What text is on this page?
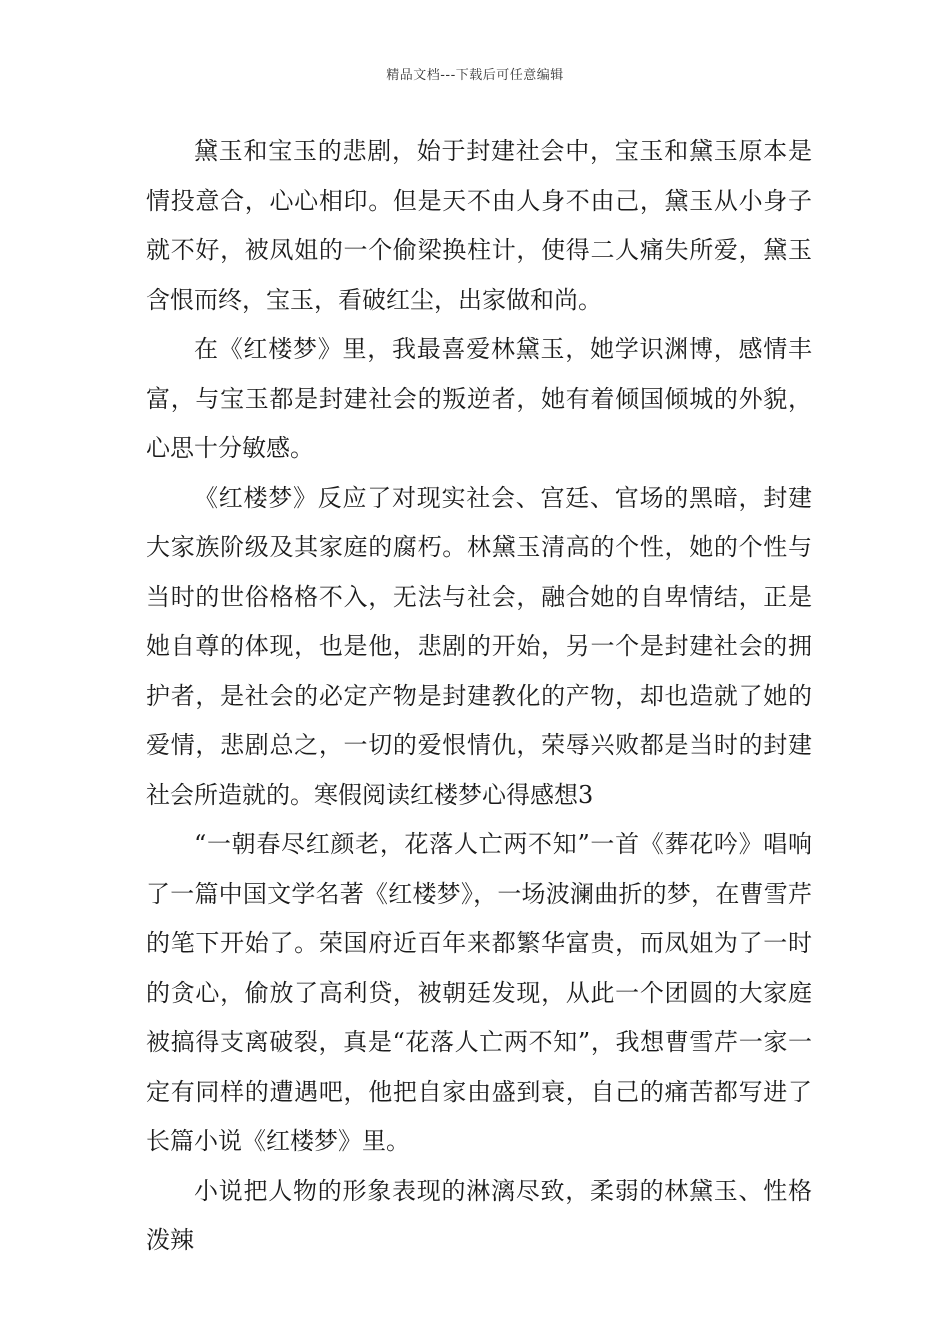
精品文档---下载后可任意编辑

黛玉和宝玉的悲剧，始于封建社会中，宝玉和黛玉原本是情投意合，心心相印。但是天不由人身不由己，黛玉从小身子就不好，被凤姐的一个偷梁换柱计，使得二人痛失所爱，黛玉含恨而终，宝玉，看破红尘，出家做和尚。

在《红楼梦》里，我最喜爱林黛玉，她学识渊博，感情丰富，与宝玉都是封建社会的叛逆者，她有着倾国倾城的外貌，心思十分敏感。

《红楼梦》反应了对现实社会、宫廷、官场的黑暗，封建大家族阶级及其家庭的腐朽。林黛玉清高的个性，她的个性与当时的世俗格格不入，无法与社会，融合她的自卑情结，正是她自尊的体现，也是他，悲剧的开始，另一个是封建社会的拥护者，是社会的必定产物是封建教化的产物，却也造就了她的爱情，悲剧总之，一切的爱恨情仇，荣辱兴败都是当时的封建社会所造就的。寒假阅读红楼梦心得感想3

“一朝春尽红颜老，花落人亡两不知”一首《葬花吟》唱响了一篇中国文学名著《红楼梦》，一场波澜曲折的梦，在曹雪芹的笔下开始了。荣国府近百年来都繁华富贵，而凤姐为了一时的贪心，偷放了高利贷，被朝廷发现，从此一个团圆的大家庭被搞得支离破裂，真是“花落人亡两不知”，我想曹雪芹一家一定有同样的遭遇吧，他把自家由盛到衰，自己的痛苦都写进了长篇小说《红楼梦》里。

小说把人物的形象表现的淋漓尽致，柔弱的林黛玉、性格泼辣
